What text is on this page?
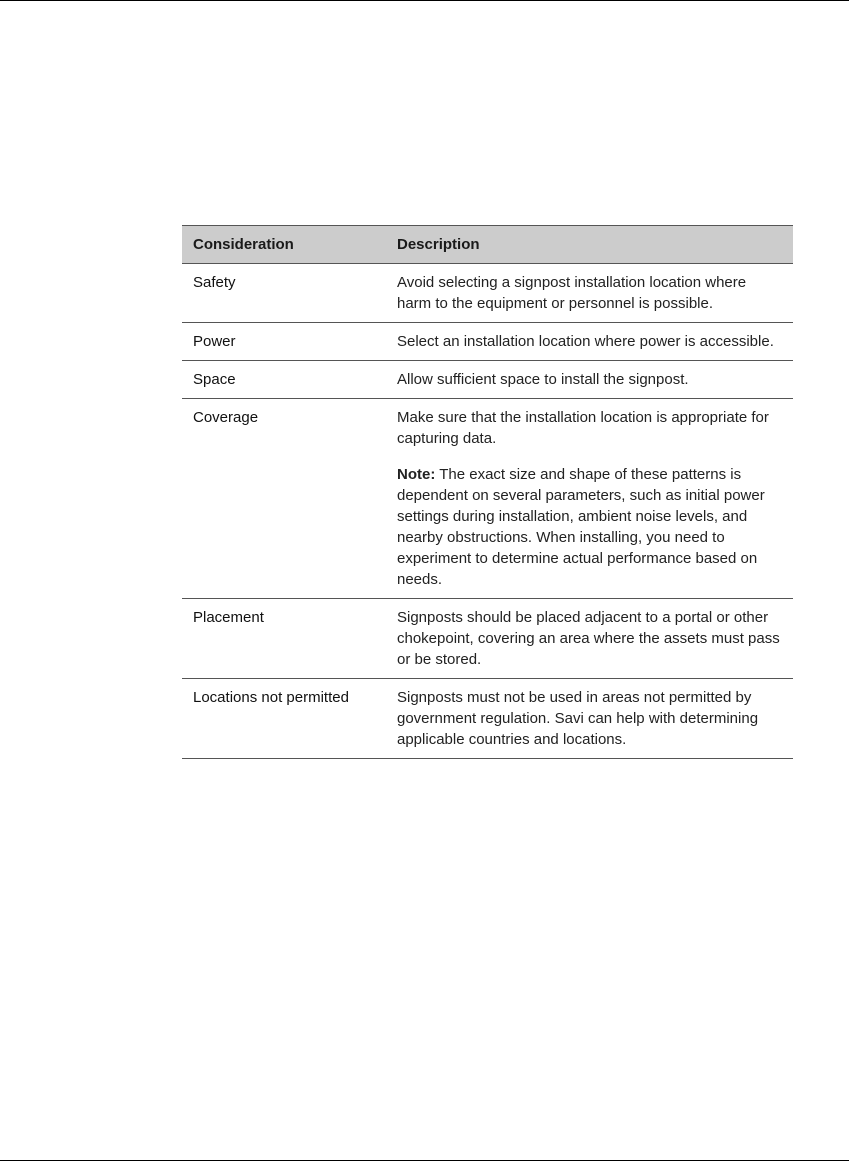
Consideration	Description
Safety	Avoid selecting a signpost installation location where harm to the equipment or personnel is possible.
Power	Select an installation location where power is accessible.
Space	Allow sufficient space to install the signpost.
Coverage	Make sure that the installation location is appropriate for capturing data.
Note: The exact size and shape of these patterns is dependent on several parameters, such as initial power settings during installation, ambient noise levels, and nearby obstructions. When installing, you need to experiment to determine actual performance based on needs.

Placement	Signposts should be placed adjacent to a portal or other chokepoint, covering an area where the assets must pass or be stored.
Locations not permitted	Signposts must not be used in areas not permitted by government regulation. Savi can help with determining applicable countries and locations.
